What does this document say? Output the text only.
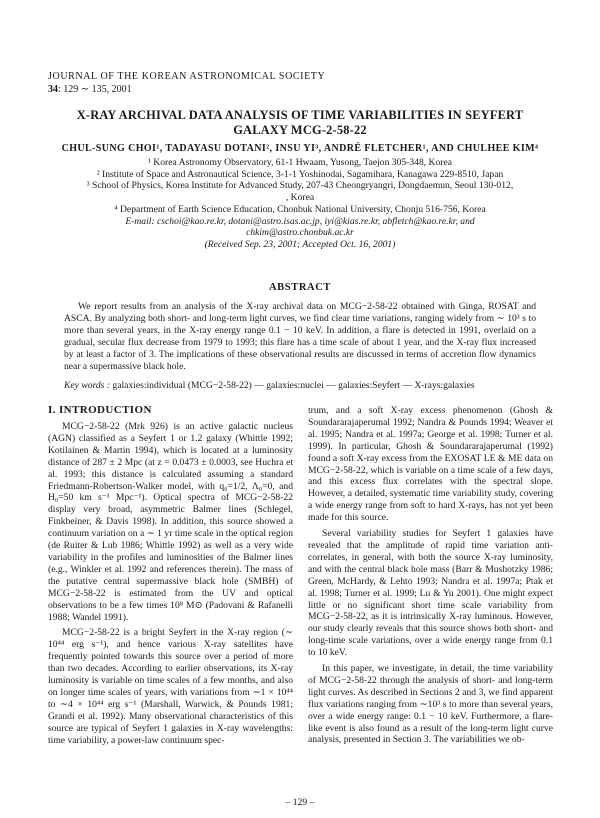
JOURNAL OF THE KOREAN ASTRONOMICAL SOCIETY
34: 129 ∼ 135, 2001
X-RAY ARCHIVAL DATA ANALYSIS OF TIME VARIABILITIES IN SEYFERT
GALAXY MCG-2-58-22
CHUL-SUNG CHOI¹, TADAYASU DOTANI², INSU YI³, ANDRÉ FLETCHER¹, AND CHULHEE KIM⁴

¹ Korea Astronomy Observatory, 61-1 Hwaam, Yusong, Taejon 305-348, Korea

² Institute of Space and Astronautical Science, 3-1-1 Yoshinodai, Sagamihara, Kanagawa 229-8510, Japan

³ School of Physics, Korea Institute for Advanced Study, 207-43 Cheongryangri, Dongdaemun, Seoul 130-012,

, Korea

⁴ Department of Earth Science Education, Chonbuk National University, Chonju 516-756, Korea

E-mail: cschoi@kao.re.kr, dotani@astro.isas.ac.jp, iyi@kias.re.kr, abfletch@kao.re.kr, and

chkim@astro.chonbuk.ac.kr

(Received Sep. 23, 2001; Accepted Oct. 16, 2001)

ABSTRACT

We report results from an analysis of the X-ray archival data on MCG−2-58-22 obtained with Ginga, ROSAT and ASCA. By analyzing both short- and long-term light curves, we find clear time variations, ranging widely from ∼ 10³ s to more than several years, in the X-ray energy range 0.1 − 10 keV. In addition, a flare is detected in 1991, overlaid on a gradual, secular flux decrease from 1979 to 1993; this flare has a time scale of about 1 year, and the X-ray flux increased by at least a factor of 3. The implications of these observational results are discussed in terms of accretion flow dynamics near a supermassive black hole.

Key words : galaxies:individual (MCG−2-58-22) — galaxies:nuclei — galaxies:Seyfert — X-rays:galaxies

I. INTRODUCTION

MCG−2-58-22 (Mrk 926) is an active galactic nucleus (AGN) classified as a Seyfert 1 or 1.2 galaxy (Whittle 1992; Kotilainen & Martin 1994), which is located at a luminosity distance of 287 ± 2 Mpc (at z = 0.0473 ± 0.0003, see Huchra et al. 1993; this distance is calculated assuming a standard Friedmann-Robertson-Walker model, with q₀=1/2, Λ₀=0, and H₀=50 km s⁻¹ Mpc⁻¹). Optical spectra of MCG−2-58-22 display very broad, asymmetric Balmer lines (Schlegel, Finkbeiner, & Davis 1998). In addition, this source showed a continuum variation on a ∼ 1 yr time scale in the optical region (de Ruiter & Lub 1986; Whittle 1992) as well as a very wide variability in the profiles and luminosities of the Balmer lines (e.g., Winkler et al. 1992 and references therein). The mass of the putative central supermassive black hole (SMBH) of MCG−2-58-22 is estimated from the UV and optical observations to be a few times 10⁸ M⊙ (Padovani & Rafanelli 1988; Wandel 1991).

MCG−2-58-22 is a bright Seyfert in the X-ray region (∼ 10⁴⁴ erg s⁻¹), and hence various X-ray satellites have frequently pointed towards this source over a period of more than two decades. According to earlier observations, its X-ray luminosity is variable on time scales of a few months, and also on longer time scales of years, with variations from ∼1 × 10⁴⁴ to ∼4 × 10⁴⁴ erg s⁻¹ (Marshall, Warwick, & Pounds 1981; Grandi et al. 1992). Many observational characteristics of this source are typical of Seyfert 1 galaxies in X-ray wavelengths: time variability, a power-law continuum spec-

trum, and a soft X-ray excess phenomenon (Ghosh & Soundararajaperumal 1992; Nandra & Pounds 1994; Weaver et al. 1995; Nandra et al. 1997a; George et al. 1998; Turner et al. 1999). In particular, Ghosh & Soundararajaperumal (1992) found a soft X-ray excess from the EXOSAT LE & ME data on MCG−2-58-22, which is variable on a time scale of a few days, and this excess flux correlates with the spectral slope. However, a detailed, systematic time variability study, covering a wide energy range from soft to hard X-rays, has not yet been made for this source.

Several variability studies for Seyfert 1 galaxies have revealed that the amplitude of rapid time variation anti-correlates, in general, with both the source X-ray luminosity, and with the central black hole mass (Barr & Mushotzky 1986; Green, McHardy, & Lehto 1993; Nandra et al. 1997a; Ptak et al. 1998; Turner et al. 1999; Lu & Yu 2001). One might expect little or no significant short time scale variability from MCG−2-58-22, as it is intrinsically X-ray luminous. However, our study clearly reveals that this source shows both short- and long-time scale variations, over a wide energy range from 0.1 to 10 keV.

In this paper, we investigate, in detail, the time variability of MCG−2-58-22 through the analysis of short- and long-term light curves. As described in Sections 2 and 3, we find apparent flux variations ranging from ∼10³ s to more than several years, over a wide energy range: 0.1 − 10 keV. Furthermore, a flare-like event is also found as a result of the long-term light curve analysis, presented in Section 3. The variabilities we ob-

– 129 –
